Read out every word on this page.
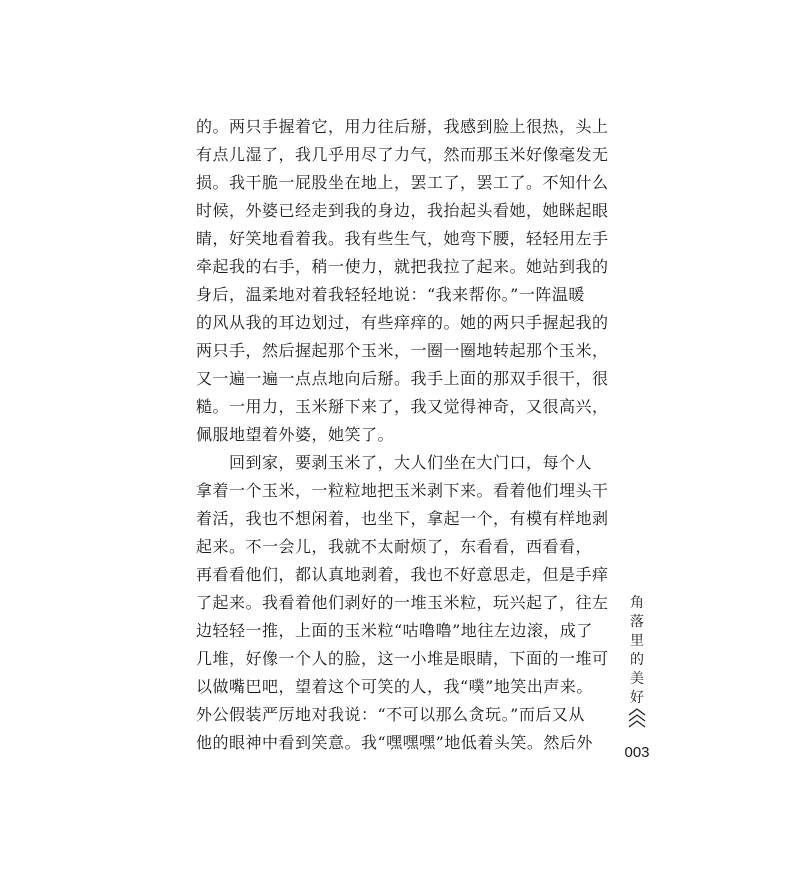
的。两只手握着它，用力往后掰，我感到脸上很热，头上
有点儿湿了，我几乎用尽了力气，然而那玉米好像毫发无
损。我干脆一屁股坐在地上，罢工了，罢工了。不知什么
时候，外婆已经走到我的身边，我抬起头看她，她眯起眼
睛，好笑地看着我。我有些生气，她弯下腰，轻轻用左手
牵起我的右手，稍一使力，就把我拉了起来。她站到我的
身后，温柔地对着我轻轻地说：“我来帮你。”一阵温暖
的风从我的耳边划过，有些痒痒的。她的两只手握起我的
两只手，然后握起那个玉米，一圈一圈地转起那个玉米，
又一遍一遍一点点地向后掰。我手上面的那双手很干，很
糙。一用力，玉米掰下来了，我又觉得神奇，又很高兴，
佩服地望着外婆，她笑了。
回到家，要剥玉米了，大人们坐在大门口，每个人
拿着一个玉米，一粒粒地把玉米剥下来。看着他们埋头干
着活，我也不想闲着，也坐下，拿起一个，有模有样地剥
起来。不一会儿，我就不太耐烦了，东看看，西看看，
再看看他们，都认真地剥着，我也不好意思走，但是手痒
了起来。我看着他们剥好的一堆玉米粒，玩兴起了，往左
边轻轻一推，上面的玉米粒“咕噜噜”地往左边滚，成了
几堆，好像一个人的脸，这一小堆是眼睛，下面的一堆可
以做嘴巴吧，望着这个可笑的人，我“噗”地笑出声来。
外公假装严厉地对我说：“不可以那么贪玩。”而后又从
他的眼神中看到笑意。我“嘿嘿嘿”地低着头笑。然后外
角
落
里
的
美
好
003
